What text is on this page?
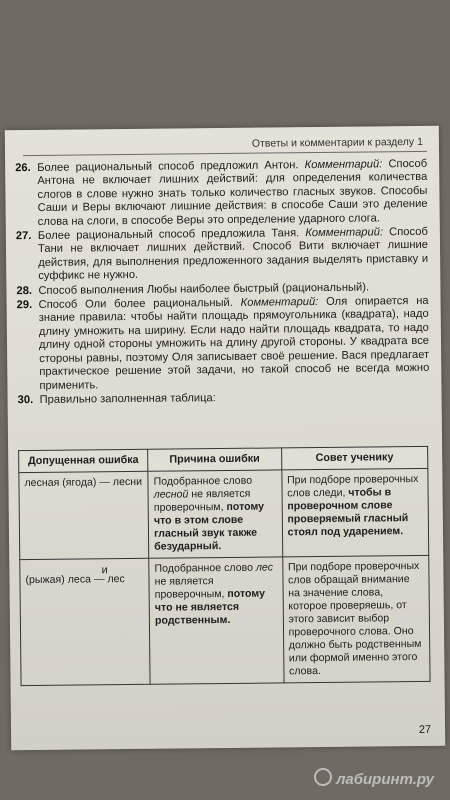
Ответы и комментарии к разделу 1
26. Более рациональный способ предложил Антон. Комментарий: Способ Антона не включает лишних действий: для определения количества слогов в слове нужно знать только количество гласных звуков. Способы Саши и Веры включают лишние действия: в способе Саши это деление слова на слоги, в способе Веры это определение ударного слога.
27. Более рациональный способ предложила Таня. Комментарий: Способ Тани не включает лишних действий. Способ Вити включает лишние действия, для выполнения предложенного задания выделять приставку и суффикс не нужно.
28. Способ выполнения Любы наиболее быстрый (рациональный).
29. Способ Оли более рациональный. Комментарий: Оля опирается на знание правила: чтобы найти площадь прямоугольника (квадрата), надо длину умножить на ширину. Если надо найти площадь квадрата, то надо длину одной стороны умножить на длину другой стороны. У квадрата все стороны равны, поэтому Оля записывает своё решение. Вася предлагает практическое решение этой задачи, но такой способ не всегда можно применить.
30. Правильно заполненная таблица:
Допущенная ошибка	Причина ошибки	Совет ученику
лесная (ягода) — лесни	Подобранное слово лесной не является проверочным, потому что в этом слове гласный звук также безударный.	При подборе проверочных слов следи, чтобы в проверочном слове проверяемый гласный стоял под ударением.
(рыжая)
и
лeса — лес	Подобранное слово лес не является проверочным, потому что не является родственным.	При подборе проверочных слов обращай внимание на значение слова, которое проверяешь, от этого зависит выбор проверочного слова. Оно должно быть родственным или формой именно этого слова.
27
лабиринт.ру
